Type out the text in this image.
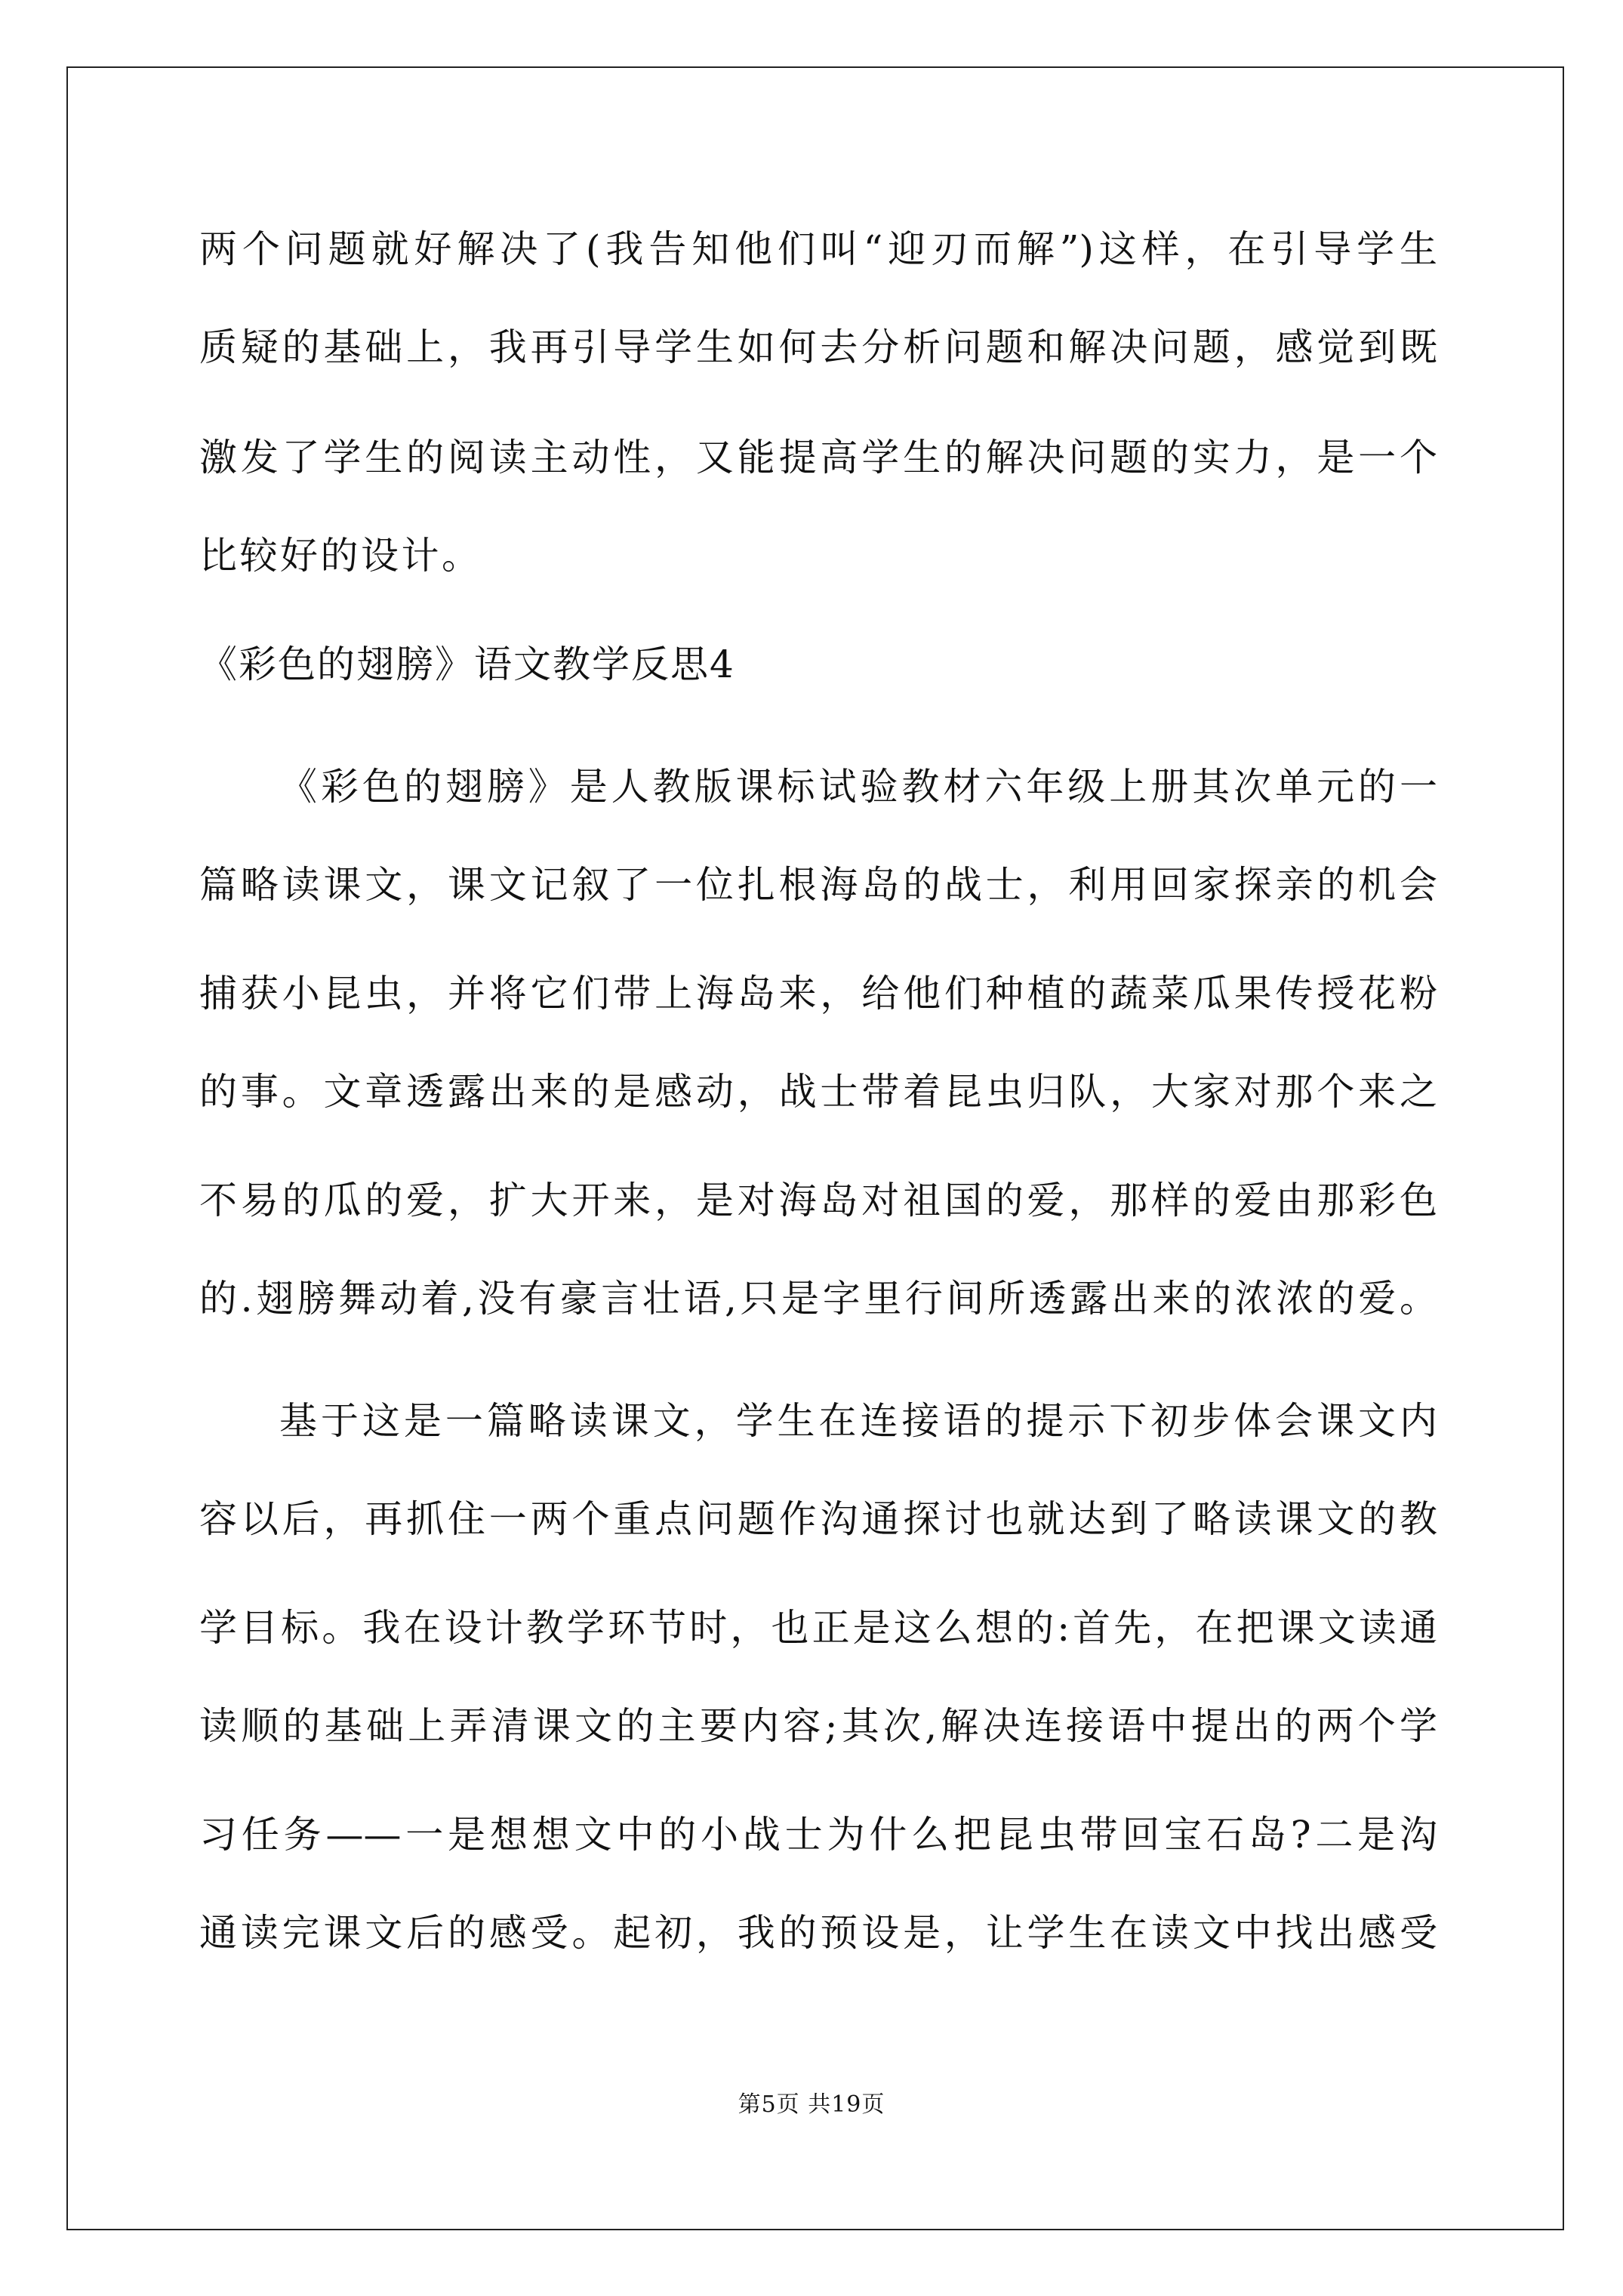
两个问题就好解决了(我告知他们叫“迎刃而解”)这样，在引导学生
质疑的基础上，我再引导学生如何去分析问题和解决问题，感觉到既
激发了学生的阅读主动性，又能提高学生的解决问题的实力，是一个
比较好的设计。
《彩色的翅膀》语文教学反思4
《彩色的翅膀》是人教版课标试验教材六年级上册其次单元的一
篇略读课文，课文记叙了一位扎根海岛的战士，利用回家探亲的机会
捕获小昆虫，并将它们带上海岛来，给他们种植的蔬菜瓜果传授花粉
的事。文章透露出来的是感动，战士带着昆虫归队，大家对那个来之
不易的瓜的爱，扩大开来，是对海岛对祖国的爱，那样的爱由那彩色
的.翅膀舞动着,没有豪言壮语,只是字里行间所透露出来的浓浓的爱。
基于这是一篇略读课文，学生在连接语的提示下初步体会课文内
容以后，再抓住一两个重点问题作沟通探讨也就达到了略读课文的教
学目标。我在设计教学环节时，也正是这么想的:首先，在把课文读通
读顺的基础上弄清课文的主要内容;其次,解决连接语中提出的两个学
习任务——一是想想文中的小战士为什么把昆虫带回宝石岛?二是沟
通读完课文后的感受。起初，我的预设是，让学生在读文中找出感受
第5页 共19页
